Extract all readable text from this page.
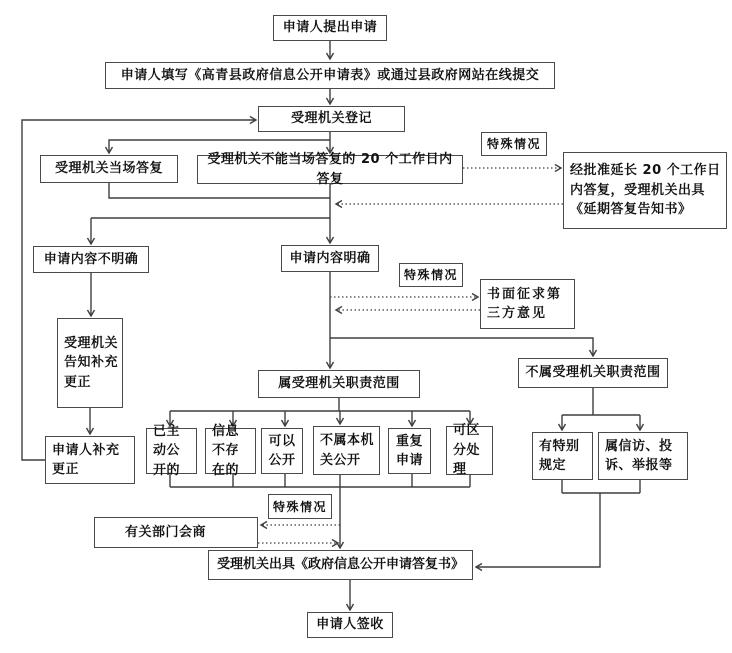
申请人提出申请
申请人填写《高青县政府信息公开申请表》或通过县政府网站在线提交
受理机关登记
受理机关当场答复
受理机关不能当场答复的 20 个工作日内答复
特殊情况
经批准延长 20 个工作日内答复，受理机关出具《延期答复告知书》
申请内容不明确	申请内容明确
特殊情况
书面征求第三方意见
受理机关告知补充更正
申请人补充更正
属受理机关职责范围
不属受理机关职责范围
已主动公开的
信息不存在的
可以公开
不属本机关公开
重复申请
可区分处理
有特别规定
属信访、投诉、举报等
特殊情况
有关部门会商
受理机关出具《政府信息公开申请答复书》
申请人签收
